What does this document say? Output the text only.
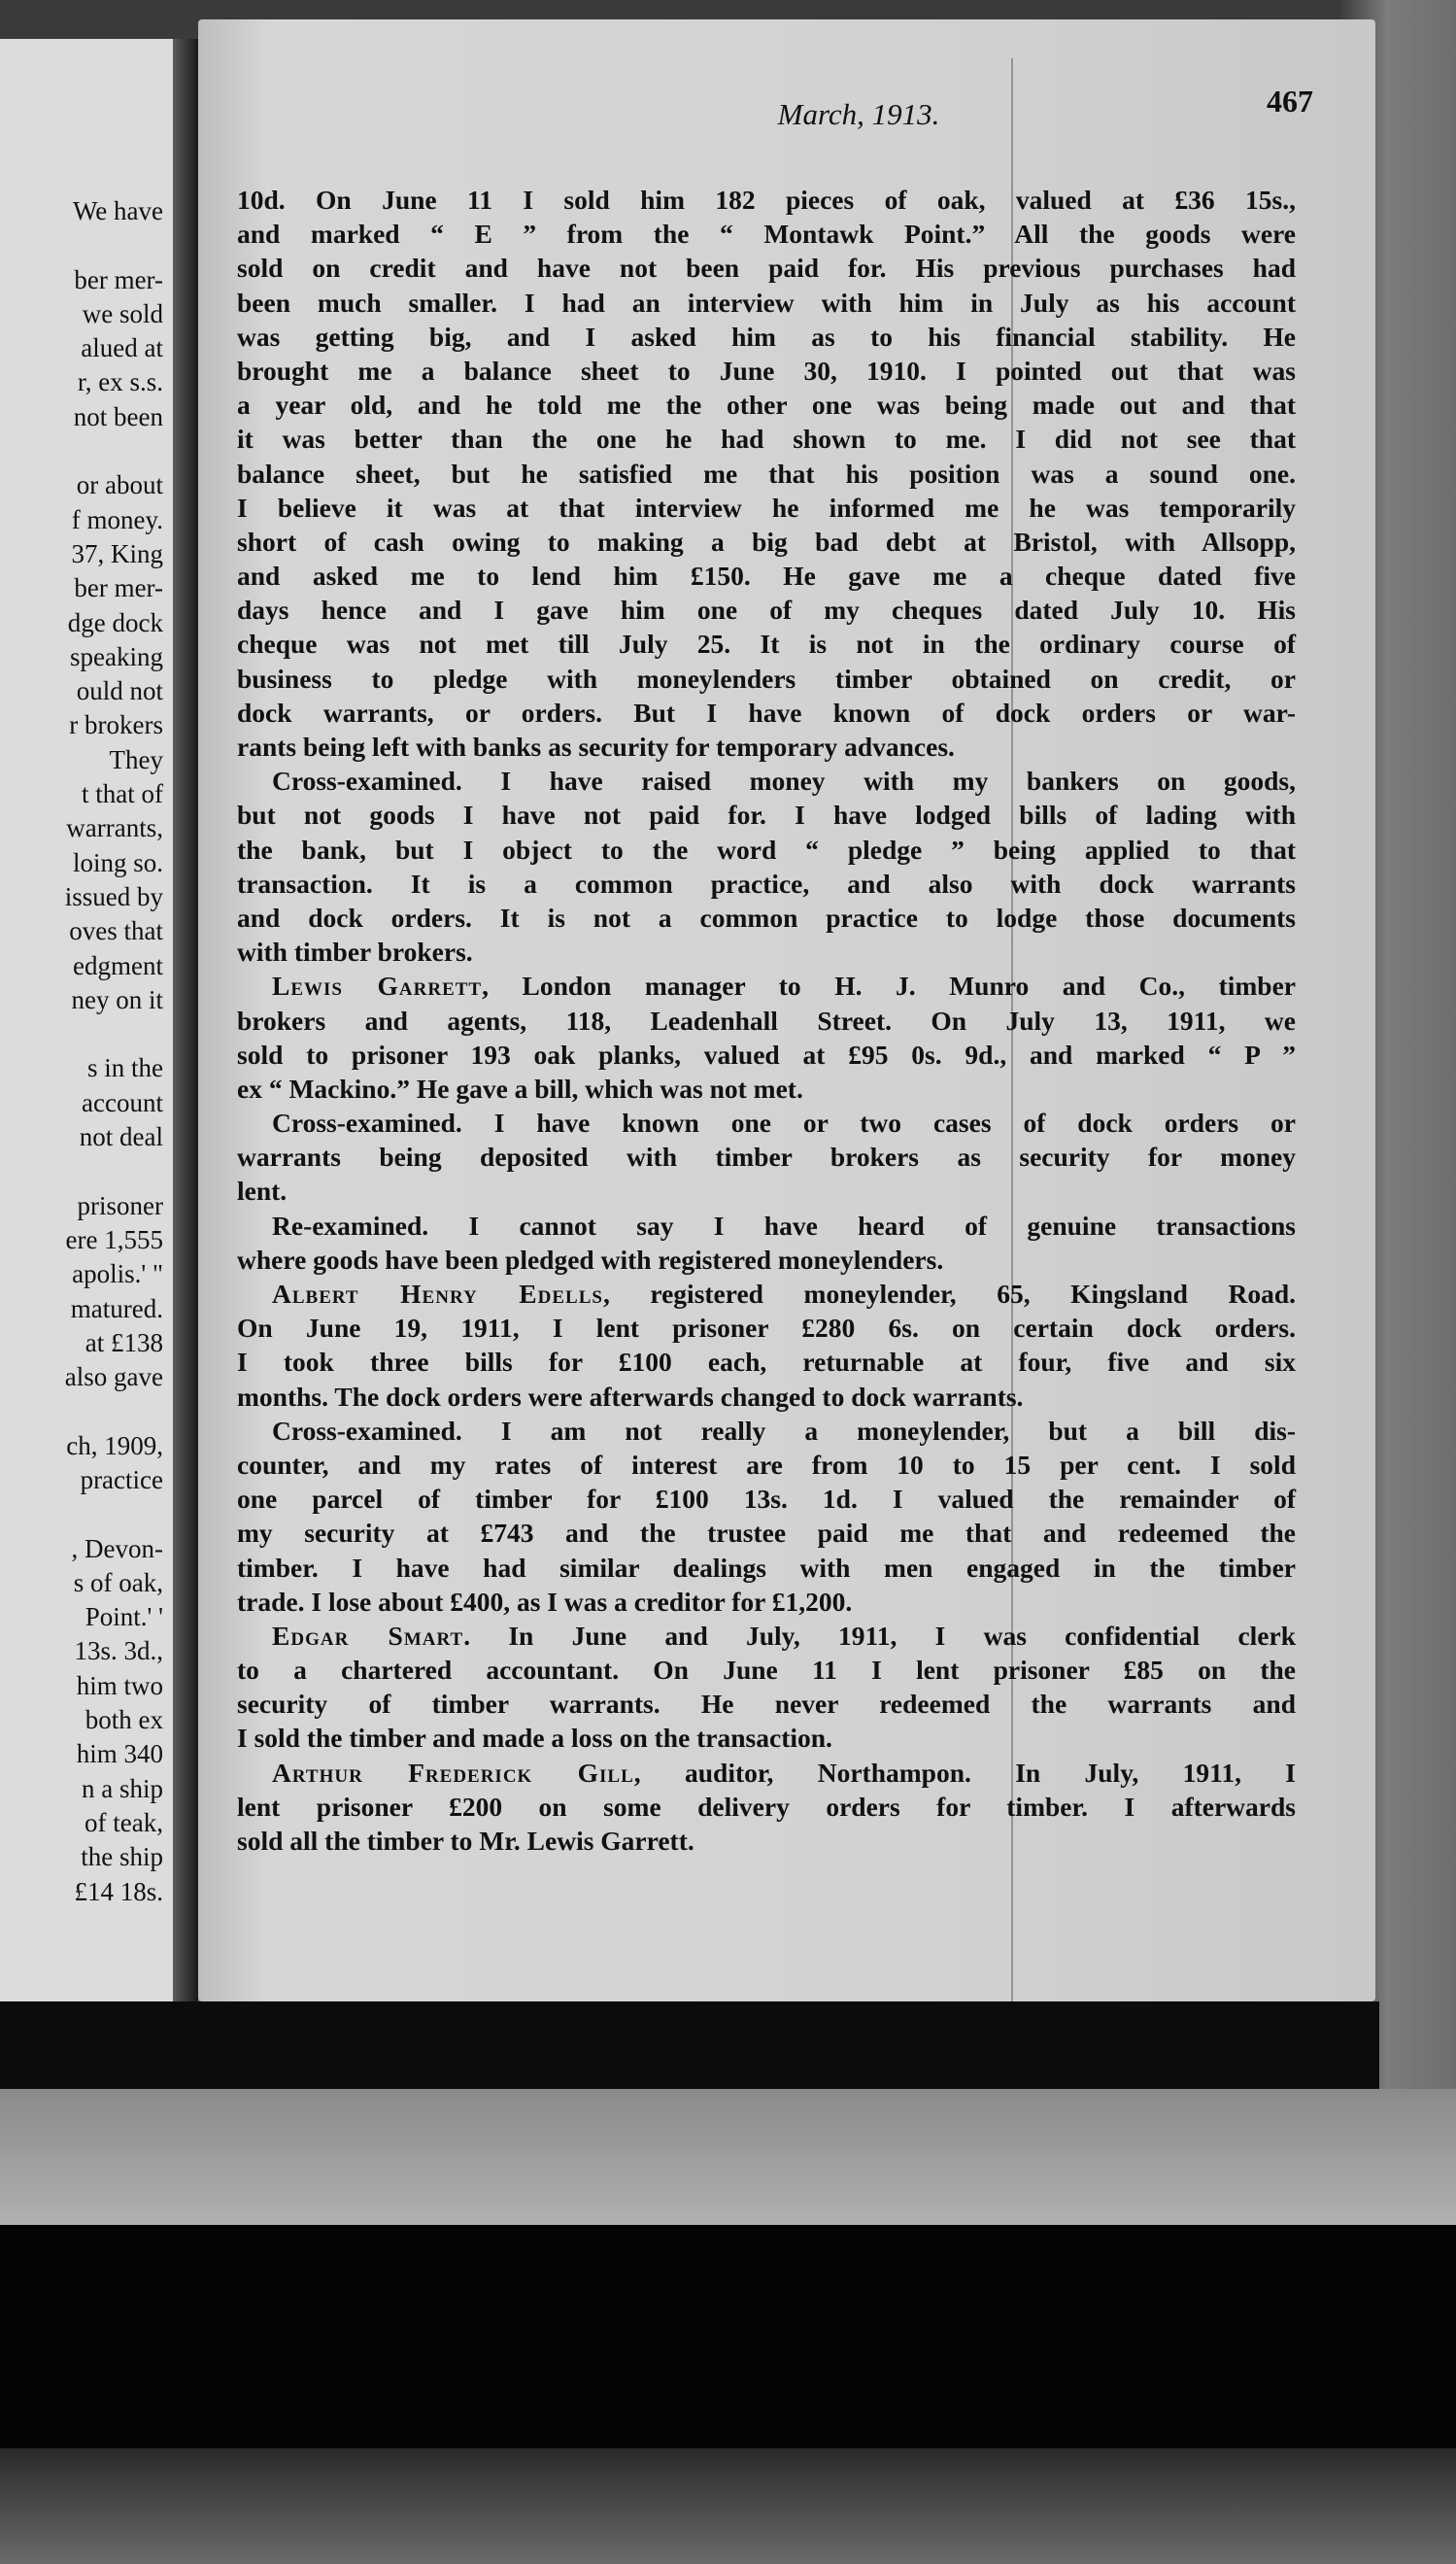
We have
ber mer-
we sold
alued at
r, ex s.s.
not been
or about
f money.
37, King
ber mer-
dge dock
speaking
ould not
r brokers
They
t that of
warrants,
loing so.
issued by
oves that
edgment
ney on it
s in the
account
not deal
prisoner
ere 1,555
apolis.' "
matured.
at £138
also gave
ch, 1909,
practice
, Devon-
s of oak,
Point.' '
13s. 3d.,
him two
both ex
him 340
n a ship
of teak,
the ship
£14 18s.
March, 1913.	467
10d. On June 11 I sold him 182 pieces of oak, valued at £36 15s.,
and marked “ E ” from the “ Montawk Point.” All the goods were
sold on credit and have not been paid for. His previous purchases had
been much smaller. I had an interview with him in July as his account
was getting big, and I asked him as to his financial stability. He
brought me a balance sheet to June 30, 1910. I pointed out that was
a year old, and he told me the other one was being made out and that
it was better than the one he had shown to me. I did not see that
balance sheet, but he satisfied me that his position was a sound one.
I believe it was at that interview he informed me he was temporarily
short of cash owing to making a big bad debt at Bristol, with Allsopp,
and asked me to lend him £150. He gave me a cheque dated five
days hence and I gave him one of my cheques dated July 10. His
cheque was not met till July 25. It is not in the ordinary course of
business to pledge with moneylenders timber obtained on credit, or
dock warrants, or orders. But I have known of dock orders or war-
rants being left with banks as security for temporary advances.
Cross-examined. I have raised money with my bankers on goods,
but not goods I have not paid for. I have lodged bills of lading with
the bank, but I object to the word “ pledge ” being applied to that
transaction. It is a common practice, and also with dock warrants
and dock orders. It is not a common practice to lodge those documents
with timber brokers.
Lewis Garrett, London manager to H. J. Munro and Co., timber
brokers and agents, 118, Leadenhall Street. On July 13, 1911, we
sold to prisoner 193 oak planks, valued at £95 0s. 9d., and marked “ P ”
ex “ Mackino.” He gave a bill, which was not met.
Cross-examined. I have known one or two cases of dock orders or
warrants being deposited with timber brokers as security for money
lent.
Re-examined. I cannot say I have heard of genuine transactions
where goods have been pledged with registered moneylenders.
Albert Henry Edells, registered moneylender, 65, Kingsland Road.
On June 19, 1911, I lent prisoner £280 6s. on certain dock orders.
I took three bills for £100 each, returnable at four, five and six
months. The dock orders were afterwards changed to dock warrants.
Cross-examined. I am not really a moneylender, but a bill dis-
counter, and my rates of interest are from 10 to 15 per cent. I sold
one parcel of timber for £100 13s. 1d. I valued the remainder of
my security at £743 and the trustee paid me that and redeemed the
timber. I have had similar dealings with men engaged in the timber
trade. I lose about £400, as I was a creditor for £1,200.
Edgar Smart. In June and July, 1911, I was confidential clerk
to a chartered accountant. On June 11 I lent prisoner £85 on the
security of timber warrants. He never redeemed the warrants and
I sold the timber and made a loss on the transaction.
Arthur Frederick Gill, auditor, Northampon. In July, 1911, I
lent prisoner £200 on some delivery orders for timber. I afterwards
sold all the timber to Mr. Lewis Garrett.
